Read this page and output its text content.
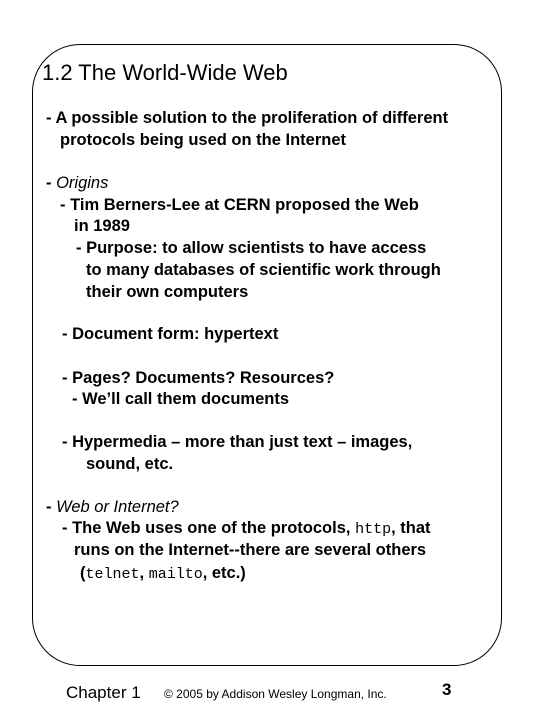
1.2 The World-Wide Web
- A possible solution to the proliferation of different
protocols being used on the Internet
- Origins
- Tim Berners-Lee at CERN proposed the Web
in 1989
- Purpose: to allow scientists to have access
to many databases of scientific work through
their own computers
- Document form: hypertext
- Pages? Documents? Resources?
- We’ll call them documents
- Hypermedia – more than just text – images,
sound, etc.
- Web or Internet?
- The Web uses one of the protocols, http, that
runs on the Internet--there are several others
(telnet, mailto, etc.)
Chapter 1 © 2005 by Addison Wesley Longman, Inc.	3
